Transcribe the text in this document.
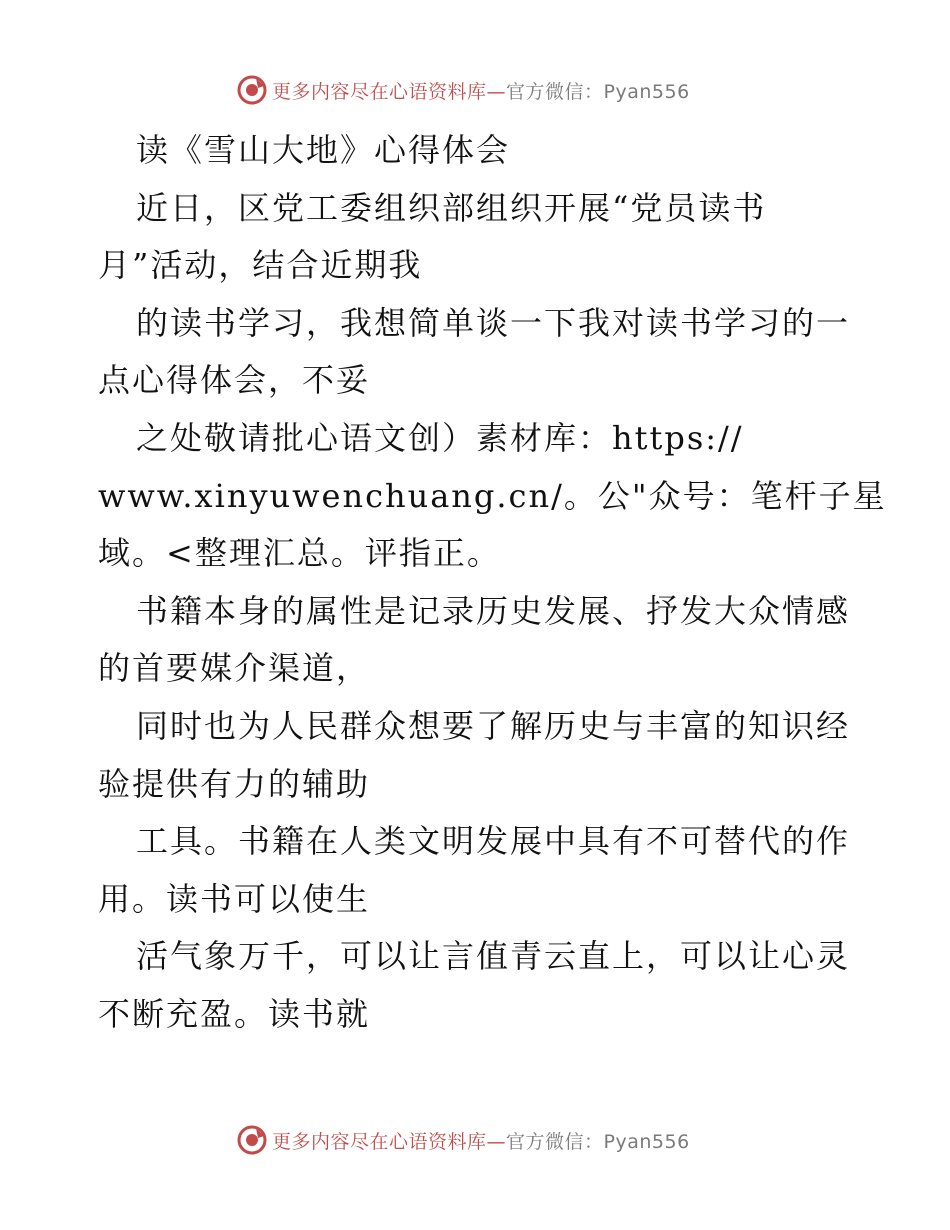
更多内容尽在心语资料库—官方微信：Pyan556
读《雪山大地》心得体会
近日，区党工委组织部组织开展“党员读书
月”活动，结合近期我
的读书学习，我想简单谈一下我对读书学习的一
点心得体会，不妥
之处敬请批心语文创）素材库：https://
www.xinyuwenchuang.cn/。公"众号：笔杆子星
域。<整理汇总。评指正。
书籍本身的属性是记录历史发展、抒发大众情感
的首要媒介渠道，
同时也为人民群众想要了解历史与丰富的知识经
验提供有力的辅助
工具。书籍在人类文明发展中具有不可替代的作
用。读书可以使生
活气象万千，可以让言值青云直上，可以让心灵
不断充盈。读书就
更多内容尽在心语资料库—官方微信：Pyan556
